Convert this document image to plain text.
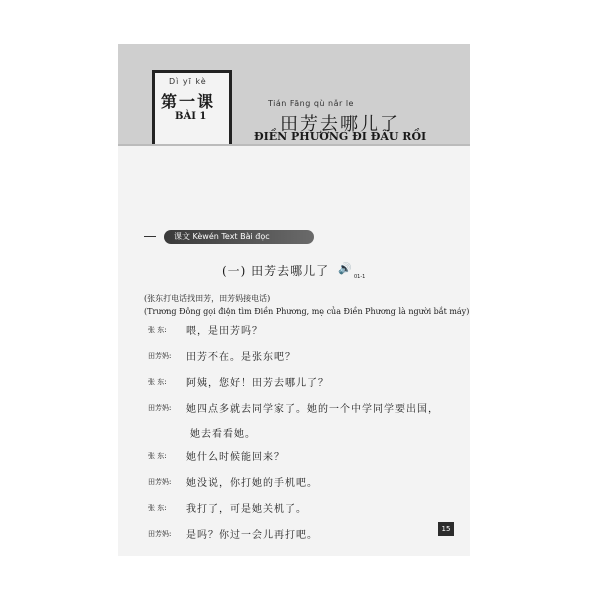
Dì yī kè
第一课
BÀI 1
Tián Fāng qù nǎr le
田芳去哪儿了
ĐIỀN PHƯƠNG ĐI ĐÂU RỒI
课文 Kèwén Text Bài đọc
(一) 田芳去哪儿了 🔊
01-1
(张东打电话找田芳，田芳妈接电话)
(Trương Đông gọi điện tìm Điền Phương, mẹ của Điền Phương là người bắt máy)
张 东: 喂，是田芳吗？
田芳妈: 田芳不在。是张东吧？
张 东: 阿姨，您好！田芳去哪儿了？
田芳妈: 她四点多就去同学家了。她的一个中学同学要出国，
她去看看她。
张 东: 她什么时候能回来？
田芳妈: 她没说，你打她的手机吧。
张 东: 我打了，可是她关机了。
田芳妈: 是吗？你过一会儿再打吧。
15
